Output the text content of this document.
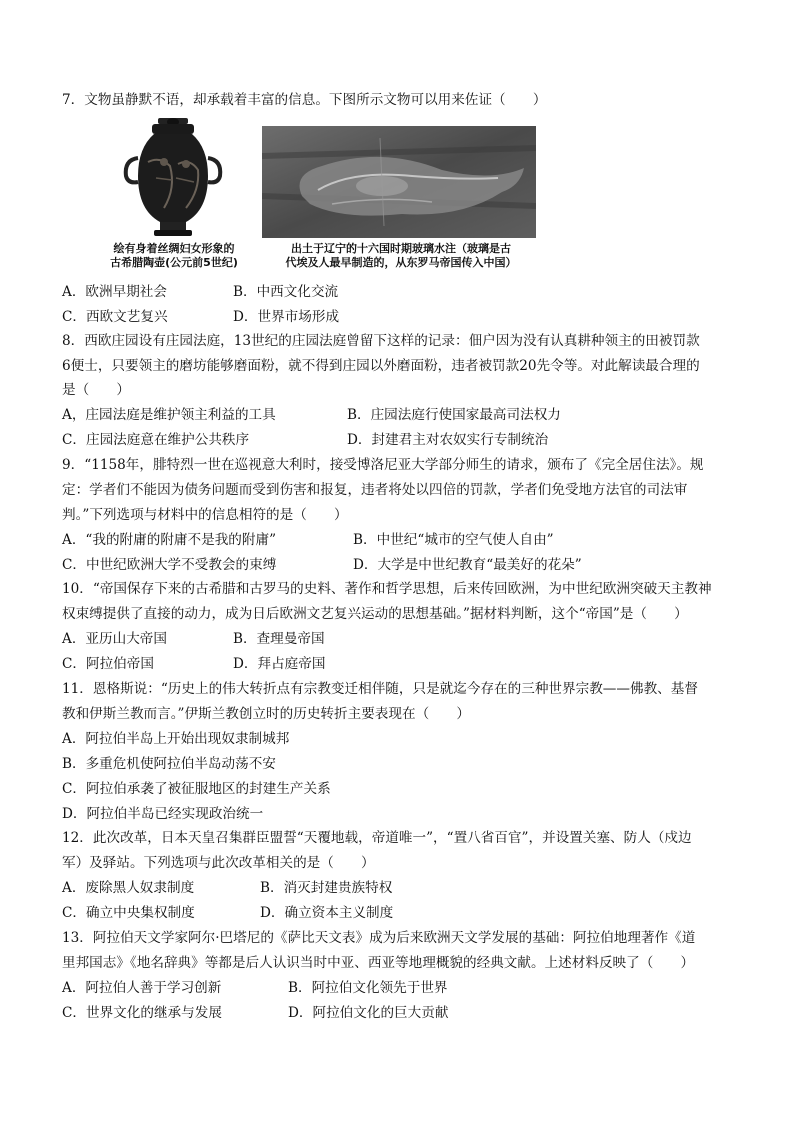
7．文物虽静默不语，却承载着丰富的信息。下图所示文物可以用来佐证（　　）
绘有身着丝绸妇女形象的
古希腊陶壶(公元前5世纪)
出土于辽宁的十六国时期玻璃水注（玻璃是古
代埃及人最早制造的，从东罗马帝国传入中国）
A．欧洲早期社会	B．中西文化交流
C．西欧文艺复兴	D．世界市场形成
8．西欧庄园设有庄园法庭，13世纪的庄园法庭曾留下这样的记录：佃户因为没有认真耕种领主的田被罚款
6便士，只要领主的磨坊能够磨面粉，就不得到庄园以外磨面粉，违者被罚款20先令等。对此解读最合理的
是（　　）
A，庄园法庭是维护领主利益的工具	B．庄园法庭行使国家最高司法权力
C．庄园法庭意在维护公共秩序	D．封建君主对农奴实行专制统治
9．“1158年，腓特烈一世在巡视意大利时，接受博洛尼亚大学部分师生的请求，颁布了《完全居住法》。规
定：学者们不能因为债务问题而受到伤害和报复，违者将处以四倍的罚款，学者们免受地方法官的司法审
判。”下列选项与材料中的信息相符的是（　　）
A．“我的附庸的附庸不是我的附庸”	B．中世纪“城市的空气使人自由”
C．中世纪欧洲大学不受教会的束缚	D．大学是中世纪教育“最美好的花朵”
10．“帝国保存下来的古希腊和古罗马的史料、著作和哲学思想，后来传回欧洲，为中世纪欧洲突破天主教神
权束缚提供了直接的动力，成为日后欧洲文艺复兴运动的思想基础。”据材料判断，这个“帝国”是（　　）
A．亚历山大帝国	B．查理曼帝国
C．阿拉伯帝国	D．拜占庭帝国
11．恩格斯说：“历史上的伟大转折点有宗教变迁相伴随，只是就迄今存在的三种世界宗教——佛教、基督
教和伊斯兰教而言。”伊斯兰教创立时的历史转折主要表现在（　　）
A．阿拉伯半岛上开始出现奴隶制城邦
B．多重危机使阿拉伯半岛动荡不安
C．阿拉伯承袭了被征服地区的封建生产关系
D．阿拉伯半岛已经实现政治统一
12．此次改革，日本天皇召集群臣盟誓“天覆地载，帝道唯一”，“置八省百官”，并设置关塞、防人（戍边
军）及驿站。下列选项与此次改革相关的是（　　）
A．废除黑人奴隶制度	B．消灭封建贵族特权
C．确立中央集权制度	D．确立资本主义制度
13．阿拉伯天文学家阿尔·巴塔尼的《萨比天文表》成为后来欧洲天文学发展的基础：阿拉伯地理著作《道
里邦国志》《地名辞典》等都是后人认识当时中亚、西亚等地理概貌的经典文献。上述材料反映了（　　）
A．阿拉伯人善于学习创新	B．阿拉伯文化领先于世界
C．世界文化的继承与发展	D．阿拉伯文化的巨大贡献
